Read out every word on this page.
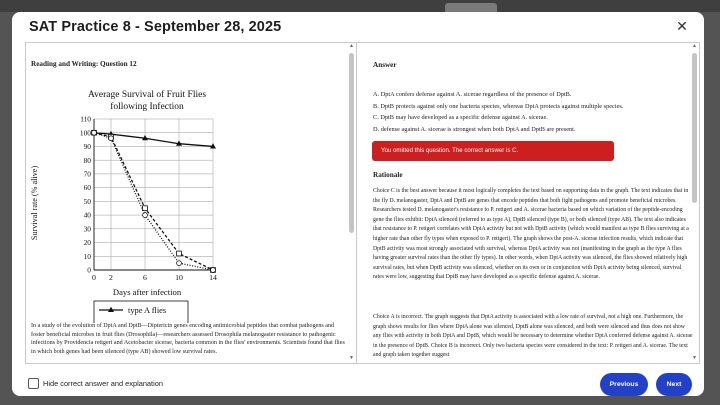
SAT Practice 8 - September 28, 2025	✕
Reading and Writing: Question 12
Average Survival of Fruit Flies
following Infection
Survival rate (% alive)
Days after infection
0
10
20
30
40
50
60
70
80
90
100
110
0 2	6	10	14
type A flies
In a study of the evolution of DptA and DptB—Diptericin genes encoding antimicrobial peptides that combat pathogens and foster beneficial microbes in fruit flies (Drosophila)—researchers assessed Drosophila melanogaster resistance to pathogenic infections by Providencia rettgeri and Acetobacter sicerae, bacteria common in the flies' environments. Scientists found that flies in which both genes had been silenced (type AB) showed low survival rates.
▲
▼
Answer
A. DptA confers defense against A. sicerae regardless of the presence of DptB.
B. DptB protects against only one bacteria species, whereas DptA protects against multiple species.
C. DptB may have developed as a specific defense against A. sicerae.
D. defense against A. sicerae is strongest when both DptA and DptB are present.
You omitted this question. The correct answer is C.
Rationale
Choice C is the best answer because it most logically completes the text based on supporting data in the graph. The text indicates that in the fly D. melanogaster, DptA and DptB are genes that encode peptides that both fight pathogens and promote beneficial microbes. Researchers tested D. melanogaster's resistance to P. rettgeri and A. sicerae bacteria based on which variation of the peptide-encoding gene the flies exhibit: DptA silenced (referred to as type A), DptB silenced (type B), or both silenced (type AB). The text also indicates that resistance to P. rettgeri correlates with DptA activity but not with DptB activity (which would manifest as type B flies surviving at a higher rate than other fly types when exposed to P. rettgeri). The graph shows the post-A. sicerae infection results, which indicate that DptB activity was most strongly associated with survival, whereas DptA activity was not (manifesting in the graph as the type A flies having greater survival rates than the other fly types). In other words, when DptA activity was silenced, the flies showed relatively high survival rates, but when DptB activity was silenced, whether on its own or in conjunction with DptA activity being silenced, survival rates were low, suggesting that DptB may have developed as a specific defense against A. sicerae.
Choice A is incorrect. The graph suggests that DptA activity is associated with a low rate of survival, not a high one. Furthermore, the graph shows results for flies where DptA alone was silenced, DptB alone was silenced, and both were silenced and thus does not show any flies with activity in both DptA and DptB, which would be necessary to determine whether DptA conferred defense against A. sicerae in the presence of DptB. Choice B is incorrect. Only two bacteria species were considered in the text: P. rettgeri and A. sicerae. The text and graph taken together suggest
▲
▼
Hide correct answer and explanation	Previous	Next
